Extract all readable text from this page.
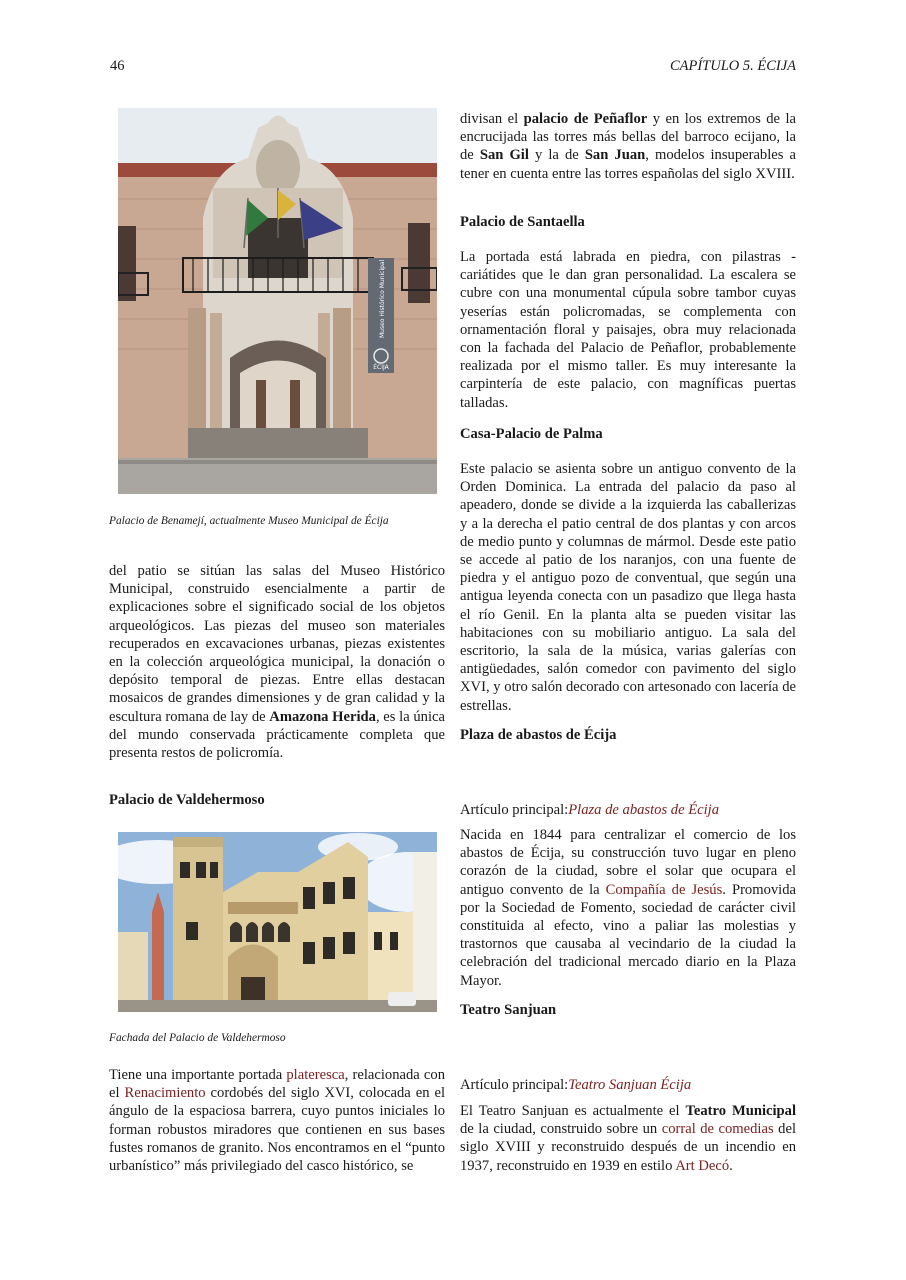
46	CAPÍTULO 5. ÉCIJA
ÉCIJA
Museo Histórico Municipal
Palacio de Benamejí, actualmente Museo Municipal de Écija

del patio se sitúan las salas del Museo Histórico Municipal, construido esencialmente a partir de explicaciones sobre el significado social de los objetos arqueológicos. Las piezas del museo son materiales recuperados en excavaciones urbanas, piezas existentes en la colección arqueológica municipal, la donación o depósito temporal de piezas. Entre ellas destacan mosaicos de grandes dimensiones y de gran calidad y la escultura romana de lay de Amazona Herida, es la única del mundo conservada prácticamente completa que presenta restos de policromía.

Palacio de Valdehermoso
Fachada del Palacio de Valdehermoso

Tiene una importante portada plateresca, relacionada con el Renacimiento cordobés del siglo XVI, colocada en el ángulo de la espaciosa barrera, cuyo puntos iniciales lo forman robustos miradores que contienen en sus bases fustes romanos de granito. Nos encontramos en el “punto urbanístico” más privilegiado del casco histórico, se

divisan el palacio de Peñaflor y en los extremos de la encrucijada las torres más bellas del barroco ecijano, la de San Gil y la de San Juan, modelos insuperables a tener en cuenta entre las torres españolas del siglo XVIII.

Palacio de Santaella

La portada está labrada en piedra, con pilastras - cariátides que le dan gran personalidad. La escalera se cubre con una monumental cúpula sobre tambor cuyas yeserías están policromadas, se complementa con ornamentación floral y paisajes, obra muy relacionada con la fachada del Palacio de Peñaflor, probablemente realizada por el mismo taller. Es muy interesante la carpintería de este palacio, con magníficas puertas talladas.

Casa-Palacio de Palma

Este palacio se asienta sobre un antiguo convento de la Orden Dominica. La entrada del palacio da paso al apeadero, donde se divide a la izquierda las caballerizas y a la derecha el patio central de dos plantas y con arcos de medio punto y columnas de mármol. Desde este patio se accede al patio de los naranjos, con una fuente de piedra y el antiguo pozo de conventual, que según una antigua leyenda conecta con un pasadizo que llega hasta el río Genil. En la planta alta se pueden visitar las habitaciones con su mobiliario antiguo. La sala del escritorio, la sala de la música, varias galerías con antigüedades, salón comedor con pavimento del siglo XVI, y otro salón decorado con artesonado con lacería de estrellas.

Plaza de abastos de Écija

Artículo principal:Plaza de abastos de Écija

Nacida en 1844 para centralizar el comercio de los abastos de Écija, su construcción tuvo lugar en pleno corazón de la ciudad, sobre el solar que ocupara el antiguo convento de la Compañía de Jesús. Promovida por la Sociedad de Fomento, sociedad de carácter civil constituida al efecto, vino a paliar las molestias y trastornos que causaba al vecindario de la ciudad la celebración del tradicional mercado diario en la Plaza Mayor.

Teatro Sanjuan

Artículo principal:Teatro Sanjuan Écija

El Teatro Sanjuan es actualmente el Teatro Municipal de la ciudad, construido sobre un corral de comedias del siglo XVIII y reconstruido después de un incendio en 1937, reconstruido en 1939 en estilo Art Decó.
